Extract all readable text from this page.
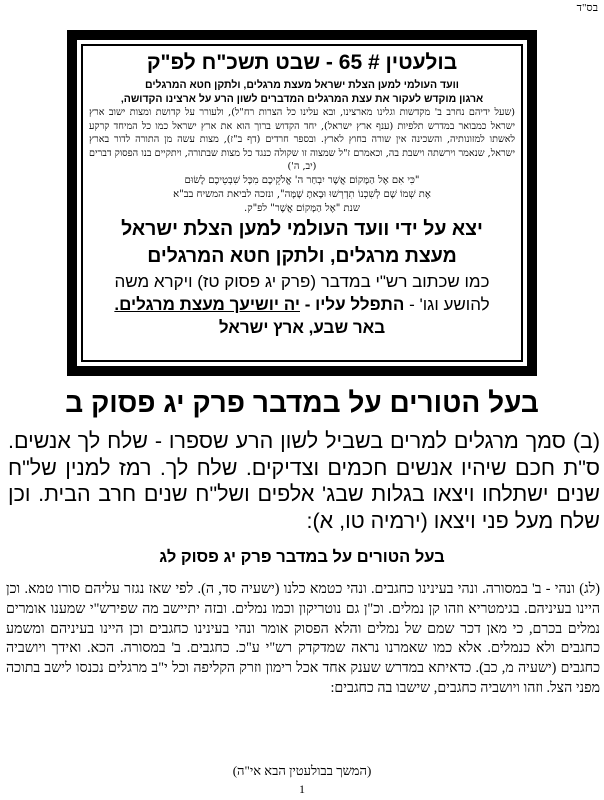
בס"ד

בולעטין # 65 - שבט תשכ"ח לפ"ק

וועד העולמי למען הצלת ישראל מעצת מרגלים, ולתקן חטא המרגלים

ארגון מוקדש לעקור את עצת המרגלים המדברים לשון הרע על ארצינו הקדושה,

(שעל ידיהם נחרב ב' מקדשות וגלינו מארצינו, ובא עלינו כל הצרות רח"ל), ולעורר על קדושת ומצות ישוב ארץ ישראל כמבואר במדרש תלפיות (ענף ארץ ישראל), יחד הקדוש ברוך הוא את ארץ ישראל כמו כל המיחד קרקע לאשתו למזונותיה, והשכינה אין שורה בחוץ לארץ. ובספר חרדים (דף ב"ז), מצות עשה מן התורה לדור בארץ ישראל, שנאמר וירשתה וישבת בה, וכאמרם ז"ל שמצוה זו שקולה כנגד כל מצות שבתורה, ויתקיים בנו הפסוק דברים (יב, ה')

"כִּי אִם אֶל הַמָּקוֹם אֲשֶׁר יִבְחַר ה' אֱלֹקֵיכֶם מִכָּל שִׁבְטֵיכֶם לָשׂוּם

אֶת שְׁמוֹ שָׁם לְשִׁכְנוֹ תִדְרְשׁוּ וּבָאתָ שָׁמָּה", ונזכה לביאת המשיח בב"א

שנת "אֶל הַמָּקוֹם אֲשֶׁר" לפ"ק.

יצא על ידי וועד העולמי למען הצלת ישראל

מעצת מרגלים, ולתקן חטא המרגלים

כמו שכתוב רש"י במדבר (פרק יג פסוק טז) ויקרא משה

להושע וגו' - התפלל עליו - יה יושיעך מעצת מרגלים.

באר שבע, ארץ ישראל

בעל הטורים על במדבר פרק יג פסוק ב

(ב) סמך מרגלים למרים בשביל לשון הרע שספרו - שלח לך אנשים. ס"ת חכם שיהיו אנשים חכמים וצדיקים. שלח לך. רמז למנין של"ח שנים ישתלחו ויצאו בגלות שבג' אלפים ושל"ח שנים חרב הבית. וכן שלח מעל פני ויצאו (ירמיה טו, א):

בעל הטורים על במדבר פרק יג פסוק לג

(לג) ונהי - ב' במסורה. ונהי בעינינו כחגבים. ונהי כטמא כלנו (ישעיה סד, ה). לפי שאז נגזר עליהם סורו טמא. וכן היינו בעיניהם. בגימטריא וזהו קן נמלים. וכ"ן גם נוטריקון וכמו נמלים. ובזה יתיישב מה שפירש"י שמענו אומרים נמלים בכרם, כי מאן דכר שמם של נמלים והלא הפסוק אומר ונהי בעינינו כחגבים וכן היינו בעיניהם ומשמע כחגבים ולא כנמלים. אלא כמו שאמרנו נראה שמדקדק רש"י ע"כ. כחגבים. ב' במסורה. הכא. ואידך ויושביה כחגבים (ישעיה מ, כב). כדאיתא במדרש שענק אחד אכל רימון וזרק הקליפה וכל י"ב מרגלים נכנסו לישב בתוכה מפני הצל. וזהו ויושביה כחגבים, שישבו בה כחגבים:

(המשך בבולעטין הבא אי"ה)

1
